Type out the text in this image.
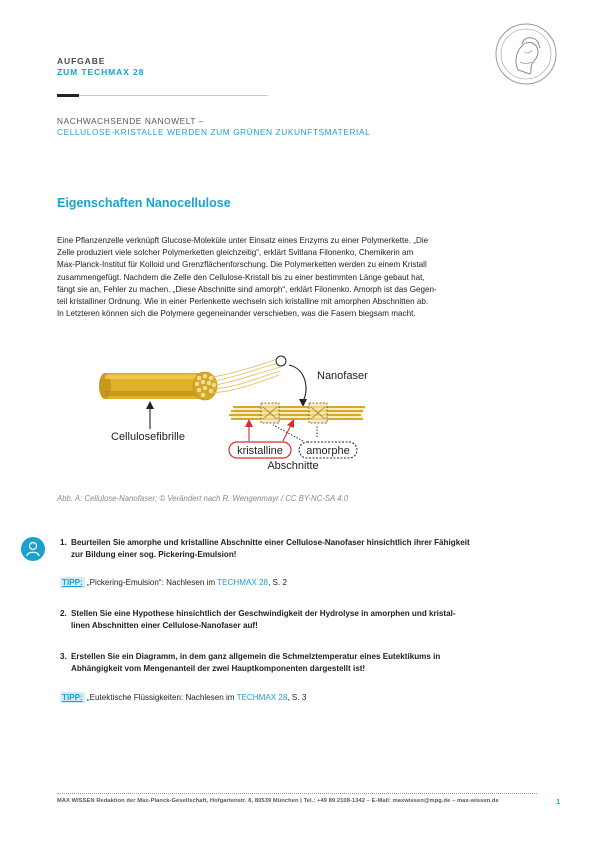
AUFGABE
ZUM TECHMAX 28
NACHWACHSENDE NANOWELT –
CELLULOSE-KRISTALLE WERDEN ZUM GRÜNEN ZUKUNFTSMATERIAL
Eigenschaften Nanocellulose

Eine Pflanzenzelle verknüpft Glucose-Moleküle unter Einsatz eines Enzyms zu einer Polymerkette. „Die

Zelle produziert viele solcher Polymerketten gleichzeitig“, erklärt Svitlana Filonenko, Chemikerin am

Max-Planck-Institut für Kolloid und Grenzflächenforschung. Die Polymerketten werden zu einem Kristall

zusammengefügt. Nachdem die Zelle den Cellulose-Kristall bis zu einer bestimmten Länge gebaut hat,

fängt sie an, Fehler zu machen. „Diese Abschnitte sind amorph“, erklärt Filonenko. Amorph ist das Gegen-

teil kristalliner Ordnung. Wie in einer Perlenkette wechseln sich kristalline mit amorphen Abschnitten ab.

In Letzteren können sich die Polymere gegeneinander verschieben, was die Fasern biegsam macht.

Nanofaser
Cellulosefibrille
kristalline amorphe
Abschnitte
Abb. A: Cellulose-Nanofaser; © Verändert nach R. Wengenmayr / CC BY-NC-SA 4.0
1. Beurteilen Sie amorphe und kristalline Abschnitte einer Cellulose-Nanofaser hinsichtlich ihrer Fähigkeit
zur Bildung einer sog. Pickering-Emulsion!
TIPP: „Pickering-Emulsion“: Nachlesen im TECHMAX 28, S. 2
2. Stellen Sie eine Hypothese hinsichtlich der Geschwindigkeit der Hydrolyse in amorphen und kristal-
linen Abschnitten einer Cellulose-Nanofaser auf!
3. Erstellen Sie ein Diagramm, in dem ganz allgemein die Schmelztemperatur eines Eutektikums in
Abhängigkeit vom Mengenanteil der zwei Hauptkomponenten dargestellt ist!
TIPP: „Eutektische Flüssigkeiten: Nachlesen im TECHMAX 28, S. 3
MAX WISSEN Redaktion der Max-Planck-Gesellschaft, Hofgartenstr. 8, 80539 München | Tel.: +49 89 2108-1342 – E-Mail: maxwissen@mpg.de – max-wissen.de	1
